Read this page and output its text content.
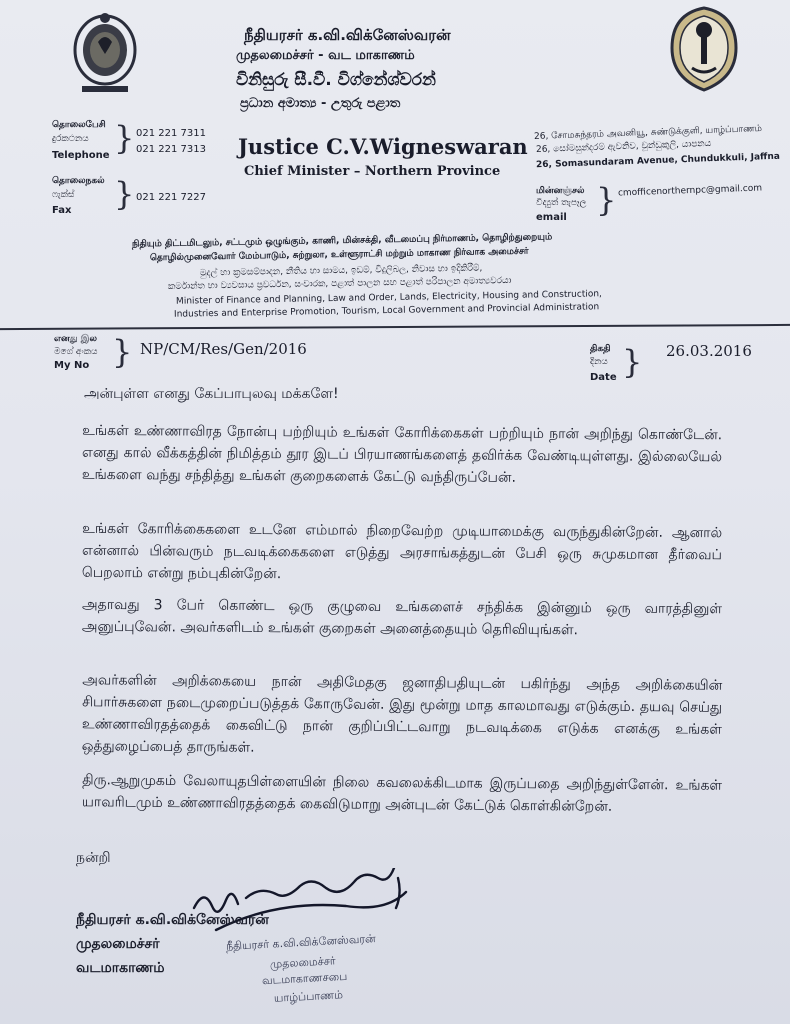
நீதியரசர் க.வி.விக்னேஸ்வரன்
முதலமைச்சர் - வட மாகாணம்
විනිසුරු සී.වී. විග්නේශ්වරන්
ප්‍රධාන අමාත්‍ය - උතුරු පළාත
Justice C.V.Wigneswaran
Chief Minister – Northern Province
தொலைபேசி
දුරකථනය
Telephone } 021 221 7311
021 221 7313
தொலைநகல்
ෆැක්ස්
Fax } 021 221 7227
26, சோமசுந்தரம் அவனியூ, சுண்டுக்குளி, யாழ்ப்பாணம்
26, සෝමසුන්දරම් ඇවනිව, චුන්ඩුකුලි, යාපනය
26, Somasundaram Avenue, Chundukkuli, Jaffna
மின்னஞ்சல்
විද්‍යුත් තැපෑල
email } cmofficenorthernpc@gmail.com
நிதியும் திட்டமிடலும், சட்டமும் ஒழுங்கும், காணி, மின்சக்தி, வீடமைப்பு நிர்மாணம், தொழிற்துறையும்
தொழில்முனைவோர் மேம்பாடும், சுற்றுலா, உள்ளூராட்சி மற்றும் மாகாண நிர்வாக அமைச்சர்
මුදල් හා ක්‍රමසම්පාදන, නීතිය හා සාමය, ඉඩම්, විදුලිබල, නිවාස හා ඉදිකිරීම්,
කර්මාන්ත හා ව්‍යවසාය ප්‍රවර්ධන, සංචාරක, පළාත් පාලන සහ පළාත් පරිපාලන අමාත්‍යවරයා
Minister of Finance and Planning, Law and Order, Lands, Electricity, Housing and Construction,
Industries and Enterprise Promotion, Tourism, Local Government and Provincial Administration
எனது இல
මගේ අංකය
My No } NP/CM/Res/Gen/2016	திகதி
දිනය
Date } 26.03.2016
அன்புள்ள எனது கேப்பாபுலவு மக்களே!

உங்கள் உண்ணாவிரத நோன்பு பற்றியும் உங்கள் கோரிக்கைகள் பற்றியும் நான் அறிந்து கொண்டேன். எனது கால் வீக்கத்தின் நிமித்தம் தூர இடப் பிரயாணங்களைத் தவிர்க்க வேண்டியுள்ளது. இல்லையேல் உங்களை வந்து சந்தித்து உங்கள் குறைகளைக் கேட்டு வந்திருப்பேன்.

உங்கள் கோரிக்கைகளை உடனே எம்மால் நிறைவேற்ற முடியாமைக்கு வருந்துகின்றேன். ஆனால் என்னால் பின்வரும் நடவடிக்கைகளை எடுத்து அரசாங்கத்துடன் பேசி ஒரு சுமுகமான தீர்வைப் பெறலாம் என்று நம்புகின்றேன்.

அதாவது 3 பேர் கொண்ட ஒரு குழுவை உங்களைச் சந்திக்க இன்னும் ஒரு வாரத்தினுள் அனுப்புவேன். அவர்களிடம் உங்கள் குறைகள் அனைத்தையும் தெரிவியுங்கள்.

அவர்களின் அறிக்கையை நான் அதிமேதகு ஜனாதிபதியுடன் பகிர்ந்து அந்த அறிக்கையின் சிபார்சுகளை நடைமுறைப்படுத்தக் கோருவேன். இது மூன்று மாத காலமாவது எடுக்கும். தயவு செய்து உண்ணாவிரதத்தைக் கைவிட்டு நான் குறிப்பிட்டவாறு நடவடிக்கை எடுக்க எனக்கு உங்கள் ஒத்துழைப்பைத் தாருங்கள்.

திரு.ஆறுமுகம் வேலாயுதபிள்ளையின் நிலை கவலைக்கிடமாக இருப்பதை அறிந்துள்ளேன். உங்கள் யாவரிடமும் உண்ணாவிரதத்தைக் கைவிடுமாறு அன்புடன் கேட்டுக் கொள்கின்றேன்.

நன்றி
நீதியரசர் க.வி.விக்னேஸ்வரன்
முதலமைச்சர்
வடமாகாணம்
நீதியரசர் க.வி.விக்னேஸ்வரன்
முதலமைச்சர்
வடமாகாணசபை
யாழ்ப்பாணம்
